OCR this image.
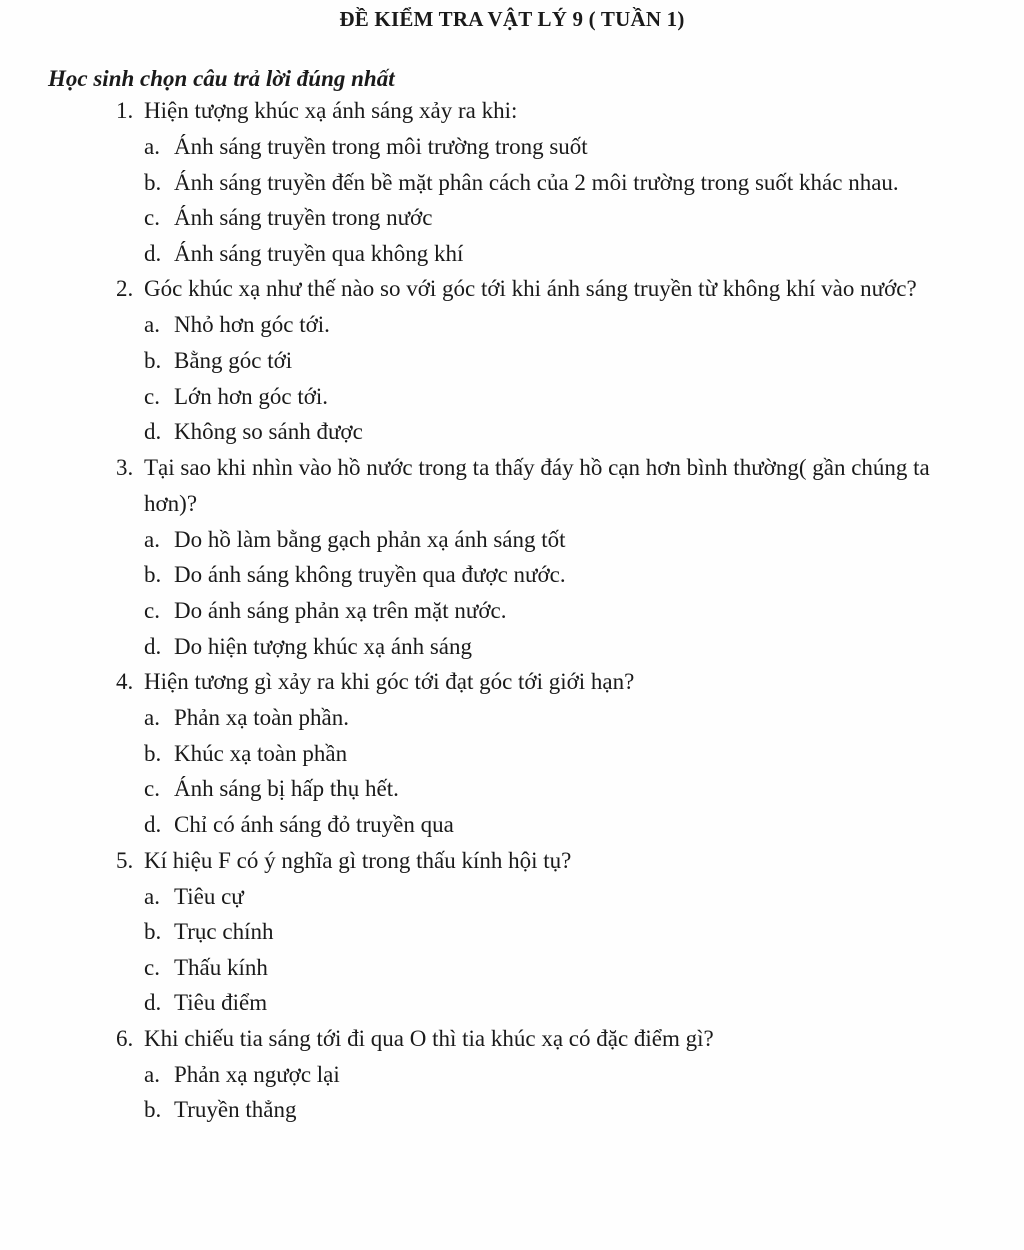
ĐỀ KIỂM TRA VẬT LÝ 9 ( TUẦN 1)
Học sinh chọn câu trả lời đúng nhất
1. Hiện tượng khúc xạ ánh sáng xảy ra khi:
a. Ánh sáng truyền trong môi trường trong suốt
b. Ánh sáng truyền đến bề mặt phân cách của 2 môi trường trong suốt khác nhau.
c. Ánh sáng truyền trong nước
d. Ánh sáng truyền qua không khí
2. Góc khúc xạ như thế nào so với góc tới khi ánh sáng truyền từ không khí vào nước?
a. Nhỏ hơn góc tới.
b. Bằng góc tới
c. Lớn hơn góc tới.
d. Không so sánh được
3. Tại sao khi nhìn vào hồ nước trong ta thấy đáy hồ cạn hơn bình thường( gần chúng ta hơn)?
a. Do hồ làm bằng gạch phản xạ ánh sáng tốt
b. Do ánh sáng không truyền qua được nước.
c. Do ánh sáng phản xạ trên mặt nước.
d. Do hiện tượng khúc xạ ánh sáng
4. Hiện tương gì xảy ra khi góc tới đạt góc tới giới hạn?
a. Phản xạ toàn phần.
b. Khúc xạ toàn phần
c. Ánh sáng bị hấp thụ hết.
d. Chỉ có ánh sáng đỏ truyền qua
5. Kí hiệu F có ý nghĩa gì trong thấu kính hội tụ?
a. Tiêu cự
b. Trục chính
c. Thấu kính
d. Tiêu điểm
6. Khi chiếu tia sáng tới đi qua O thì tia khúc xạ có đặc điểm gì?
a. Phản xạ ngược lại
b. Truyền thẳng
